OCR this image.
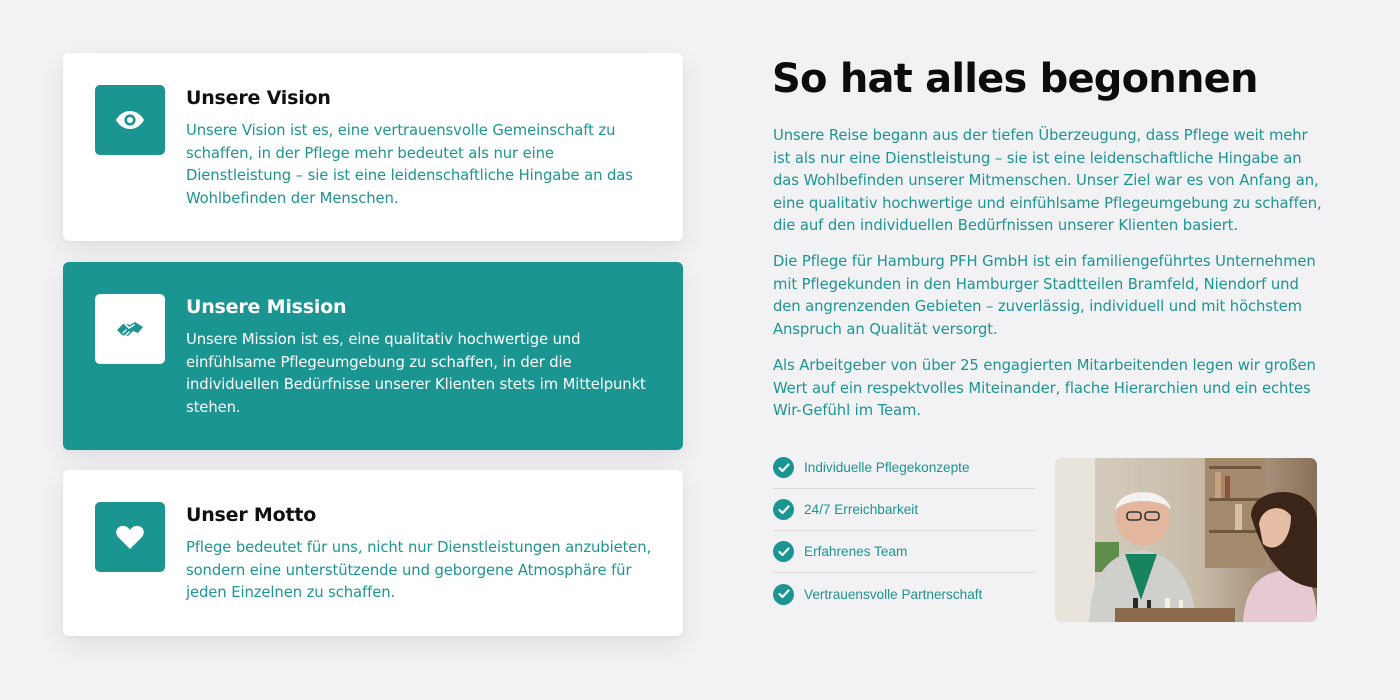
Unsere Vision
Unsere Vision ist es, eine vertrauensvolle Gemeinschaft zu schaffen, in der Pflege mehr bedeutet als nur eine Dienstleistung – sie ist eine leidenschaftliche Hingabe an das Wohlbefinden der Menschen.
Unsere Mission
Unsere Mission ist es, eine qualitativ hochwertige und einfühlsame Pflegeumgebung zu schaffen, in der die individuellen Bedürfnisse unserer Klienten stets im Mittelpunkt stehen.
Unser Motto
Pflege bedeutet für uns, nicht nur Dienstleistungen anzubieten, sondern eine unterstützende und geborgene Atmosphäre für jeden Einzelnen zu schaffen.
So hat alles begonnen

Unsere Reise begann aus der tiefen Überzeugung, dass Pflege weit mehr ist als nur eine Dienstleistung – sie ist eine leidenschaftliche Hingabe an das Wohlbefinden unserer Mitmenschen. Unser Ziel war es von Anfang an, eine qualitativ hochwertige und einfühlsame Pflegeumgebung zu schaffen, die auf den individuellen Bedürfnissen unserer Klienten basiert.

Die Pflege für Hamburg PFH GmbH ist ein familiengeführtes Unternehmen mit Pflegekunden in den Hamburger Stadtteilen Bramfeld, Niendorf und den angrenzenden Gebieten – zuverlässig, individuell und mit höchstem Anspruch an Qualität versorgt.

Als Arbeitgeber von über 25 engagierten Mitarbeitenden legen wir großen Wert auf ein respektvolles Miteinander, flache Hierarchien und ein echtes Wir-Gefühl im Team.

Individuelle Pflegekonzepte
24/7 Erreichbarkeit
Erfahrenes Team
Vertrauensvolle Partnerschaft
